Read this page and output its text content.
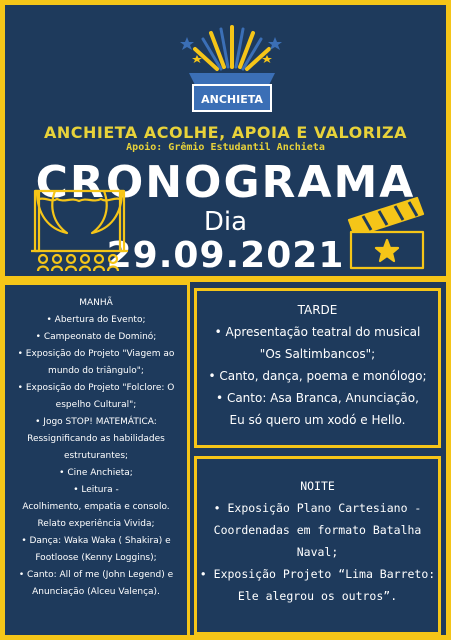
ANCHIETA
ANCHIETA ACOLHE, APOIA E VALORIZA
Apoio: Grêmio Estudantil Anchieta
CRONOGRAMA
Dia
29.09.2021
MANHÃ
• Abertura do Evento;
• Campeonato de Dominó;
• Exposição do Projeto "Viagem ao
mundo do triângulo";
• Exposição do Projeto "Folclore: O
espelho Cultural";
• Jogo STOP! MATEMÁTICA:
Ressignificando as habilidades
estruturantes;
• Cine Anchieta;
• Leitura -
Acolhimento, empatia e consolo.
Relato experiência Vivida;
• Dança: Waka Waka ( Shakira) e
Footloose (Kenny Loggins);
• Canto: All of me (John Legend) e
Anunciação (Alceu Valença).
TARDE
• Apresentação teatral do musical
"Os Saltimbancos";
• Canto, dança, poema e monólogo;
• Canto: Asa Branca, Anunciação,
Eu só quero um xodó e Hello.
NOITE
• Exposição Plano Cartesiano -
Coordenadas em formato Batalha
Naval;
• Exposição Projeto “Lima Barreto:
Ele alegrou os outros”.
